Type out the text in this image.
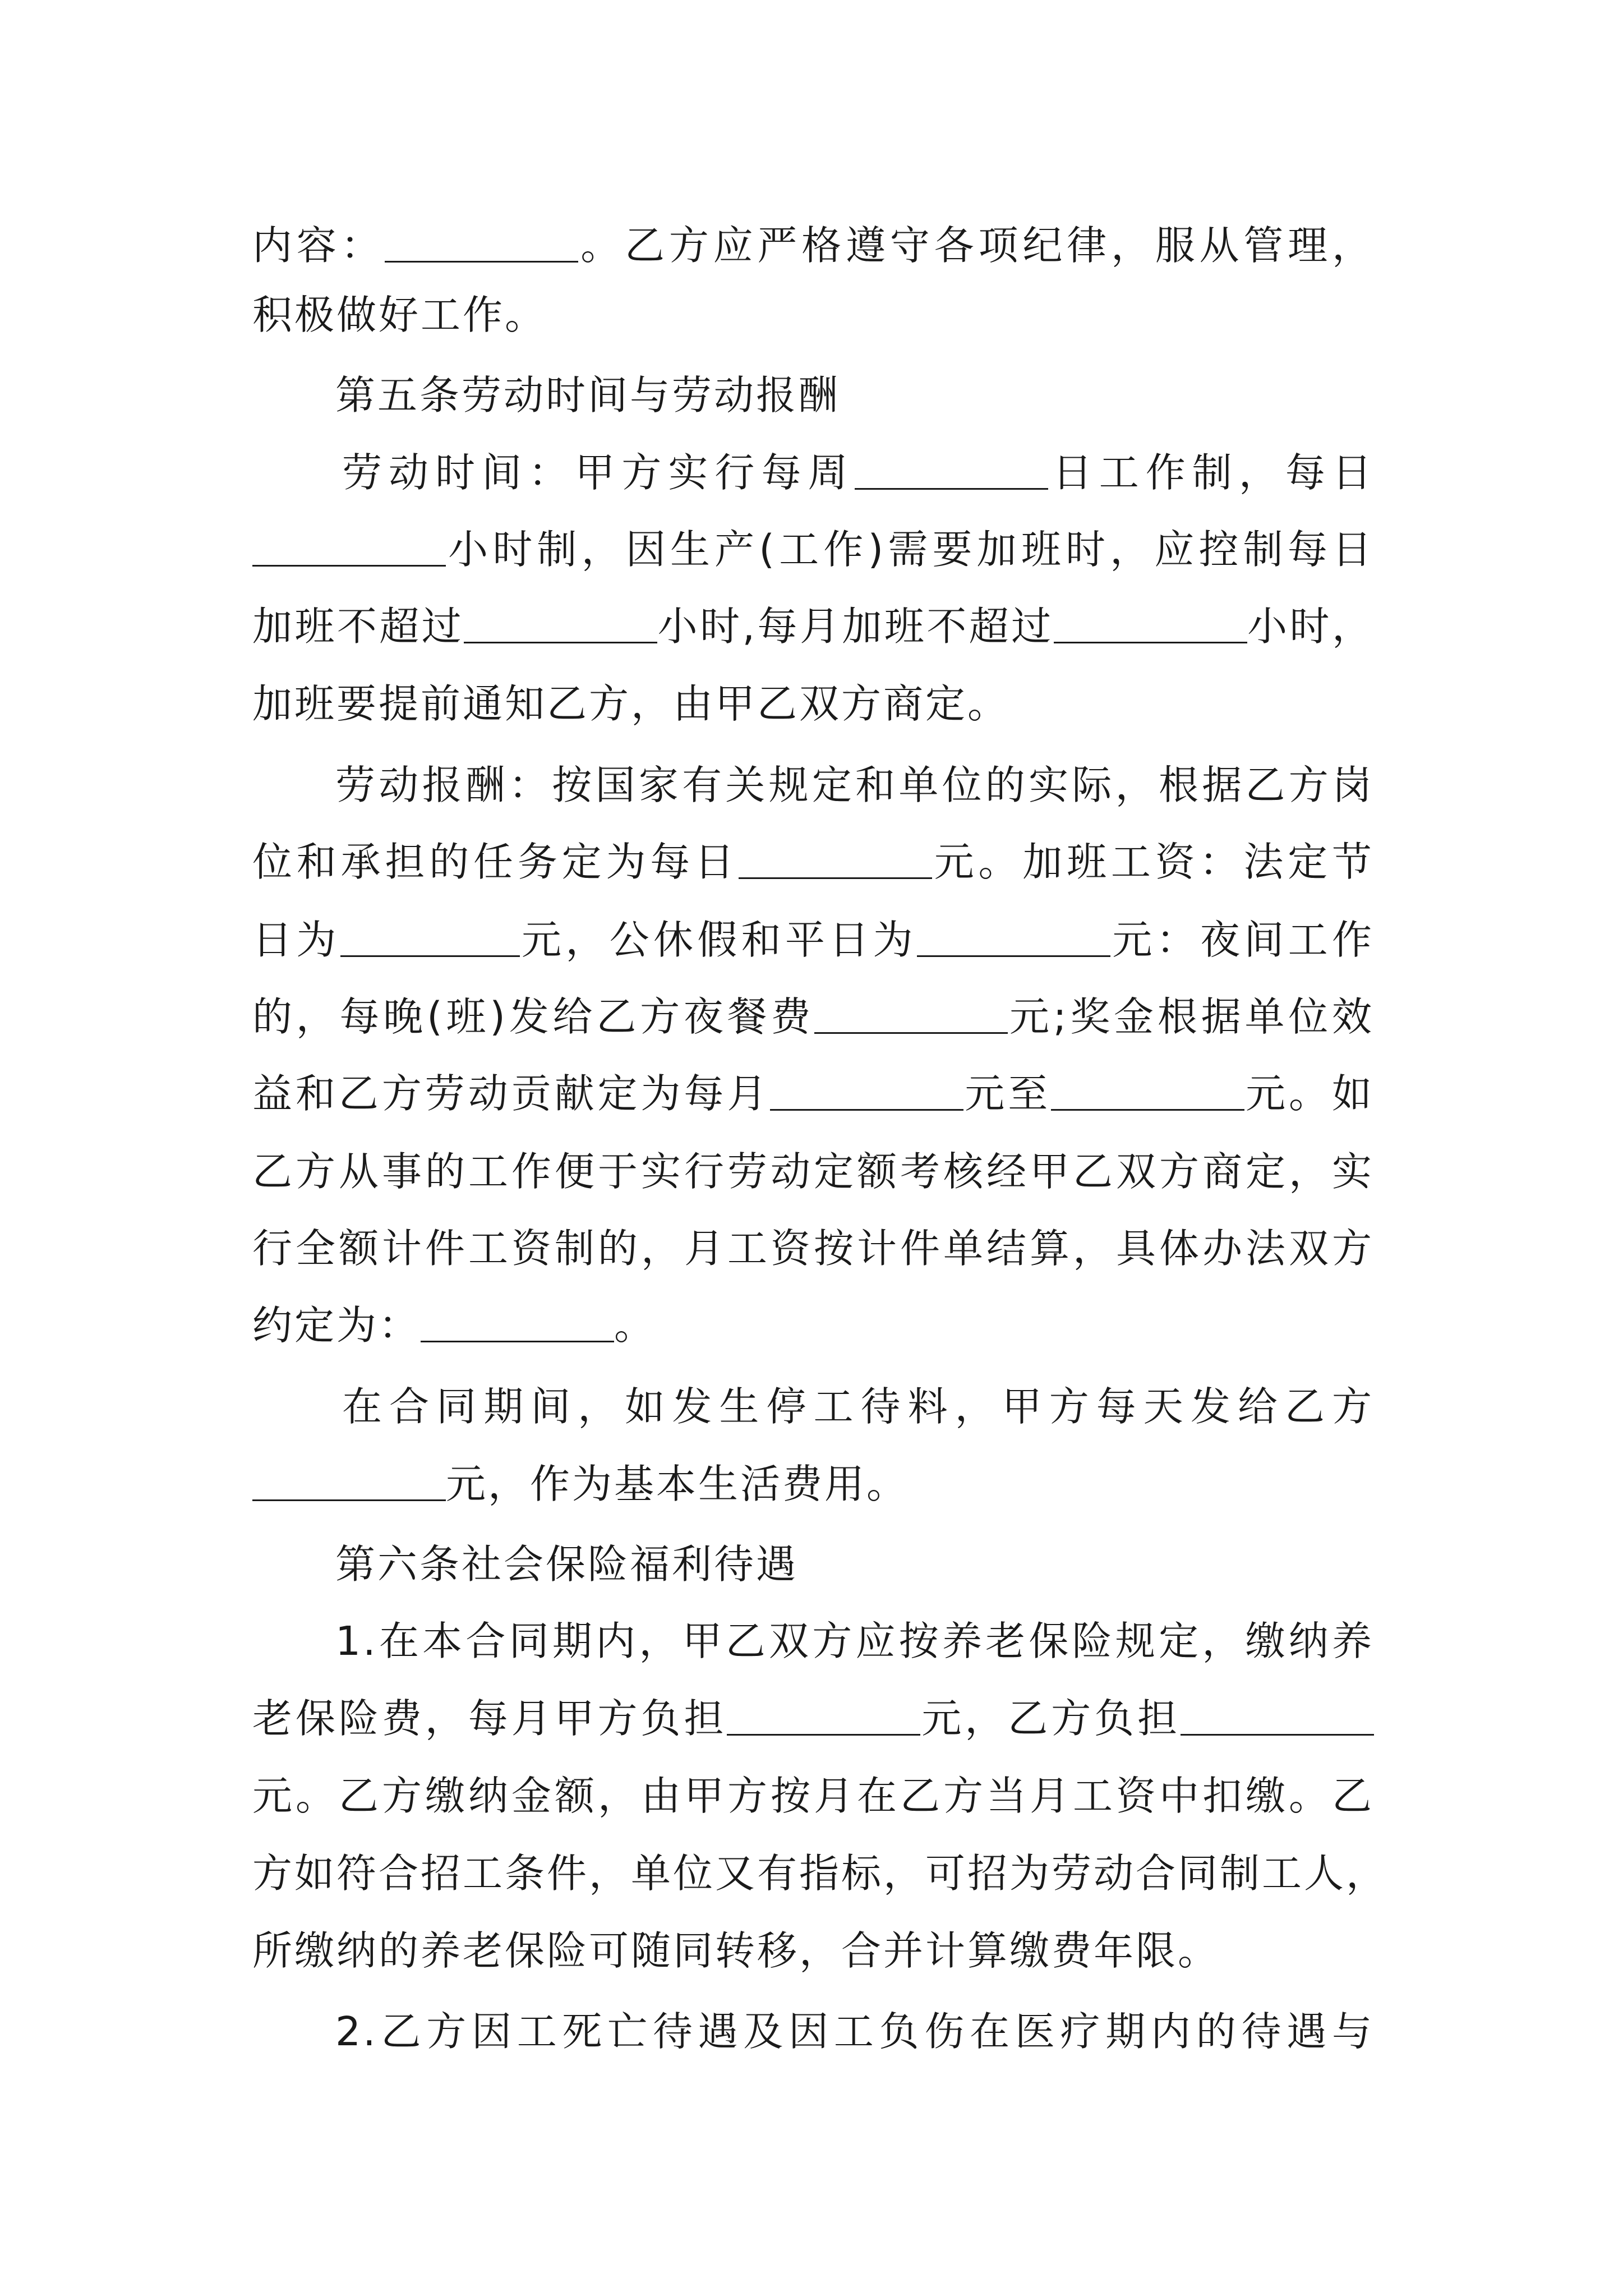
内容：	。乙方应严格遵守各项纪律，服从管理，
积极做好工作。
第五条劳动时间与劳动报酬
劳动时间：甲方实行每周	日工作制，每日
小时制，因生产(工作)需要加班时，应控制每日
加班不超过	小时,每月加班不超过	小时，
加班要提前通知乙方，由甲乙双方商定。
劳动报酬：按国家有关规定和单位的实际，根据乙方岗
位和承担的任务定为每日	元。加班工资：法定节
日为	元，公休假和平日为	元：夜间工作
的，每晚(班)发给乙方夜餐费	元;奖金根据单位效
益和乙方劳动贡献定为每月	元至	元。如
乙方从事的工作便于实行劳动定额考核经甲乙双方商定，实
行全额计件工资制的，月工资按计件单结算，具体办法双方
约定为：	。
在合同期间，如发生停工待料，甲方每天发给乙方
元，作为基本生活费用。
第六条社会保险福利待遇
1.在本合同期内，甲乙双方应按养老保险规定，缴纳养
老保险费，每月甲方负担	元，乙方负担
元。乙方缴纳金额，由甲方按月在乙方当月工资中扣缴。乙
方如符合招工条件，单位又有指标，可招为劳动合同制工人，
所缴纳的养老保险可随同转移，合并计算缴费年限。
2.乙方因工死亡待遇及因工负伤在医疗期内的待遇与
